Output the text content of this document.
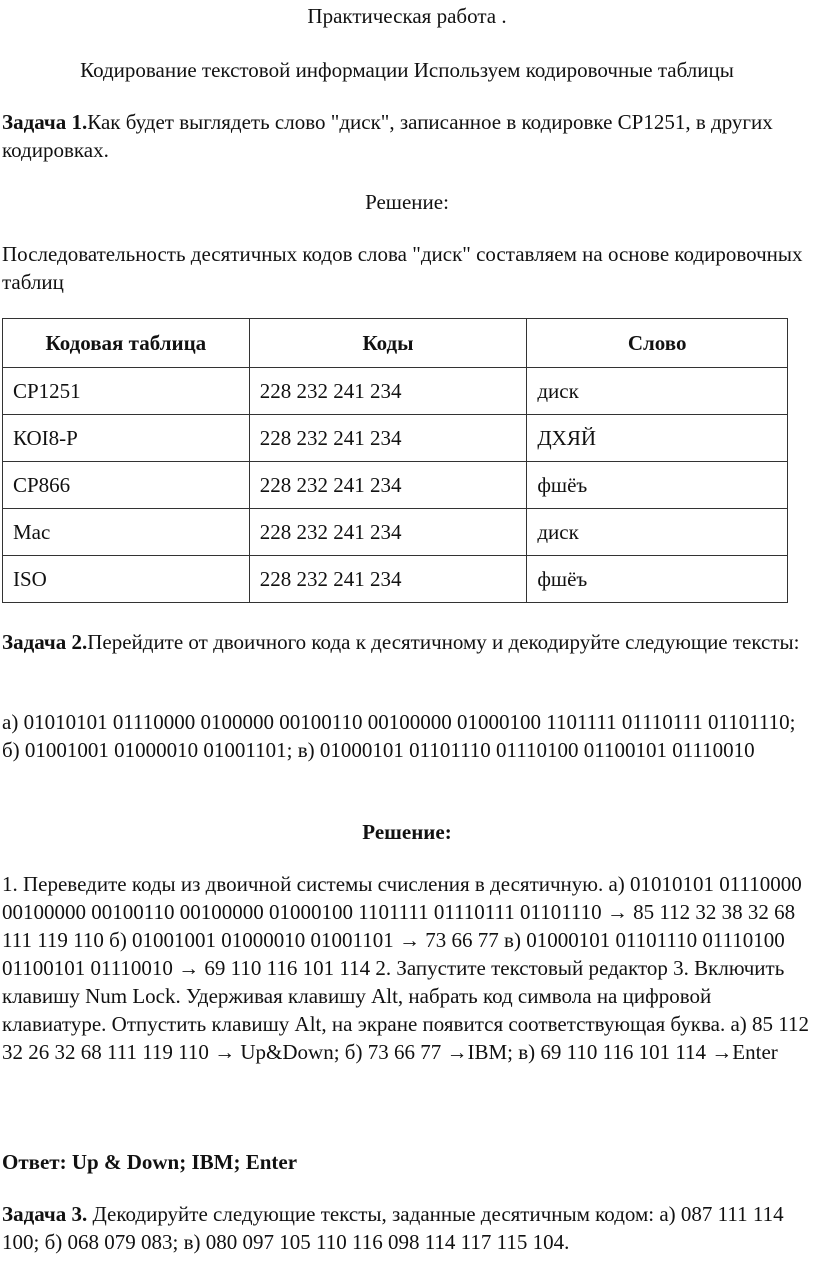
Практическая работа .

Кодирование текстовой информации Используем кодировочные таблицы

Задача 1.Как будет выглядеть слово "диск", записанное в кодировке CP1251, в других кодировках.

Решение:

Последовательность десятичных кодов слова "диск" составляем на основе кодировочных таблиц

Кодовая таблица	Коды	Слово
CP1251	228 232 241 234	диск
КОI8-Р	228 232 241 234	ДХЯЙ
CP866	228 232 241 234	фшёъ
Mac	228 232 241 234	диск
ISO	228 232 241 234	фшёъ

Задача 2.Перейдите от двоичного кода к десятичному и декодируйте следующие тексты:

а) 01010101 01110000 0100000 00100110 00100000 01000100 1101111 01110111 01101110; б) 01001001 01000010 01001101; в) 01000101 01101110 01110100 01100101 01110010

Решение:

1. Переведите коды из двоичной системы счисления в десятичную. а) 01010101 01110000 00100000 00100110 00100000 01000100 1101111 01110111 01101110 → 85 112 32 38 32 68 111 119 110 б) 01001001 01000010 01001101 → 73 66 77 в) 01000101 01101110 01110100 01100101 01110010 → 69 110 116 101 114 2. Запустите текстовый редактор 3. Включить клавишу Num Lock. Удерживая клавишу Alt, набрать код символа на цифровой клавиатуре. Отпустить клавишу Alt, на экране появится соответствующая буква. а) 85 112 32 26 32 68 111 119 110 → Up&Down; б) 73 66 77 →IBM; в) 69 110 116 101 114 →Enter

Ответ: Up & Down; IBM; Enter

Задача 3. Декодируйте следующие тексты, заданные десятичным кодом: а) 087 111 114 100; б) 068 079 083; в) 080 097 105 110 116 098 114 117 115 104.
